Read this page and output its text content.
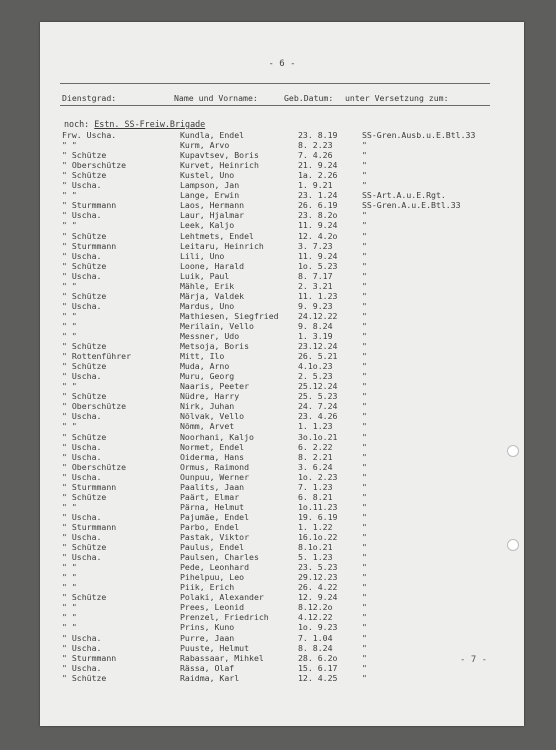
- 6 -
Dienstgrad:	Name und Vorname:	Geb.Datum: unter Versetzung zum:
noch: Estn. SS-Freiw.Brigade
Frw. Uscha.	Kundla, Endel	23. 8.19	SS-Gren.Ausb.u.E.Btl.33
" "	Kurm, Arvo	8. 2.23	"
" Schütze	Kupavtsev, Boris	7. 4.26	"
" Oberschütze	Kurvet, Heinrich	21. 9.24	"
" Schütze	Kustel, Uno	1a. 2.26	"
" Uscha.	Lampson, Jan	1. 9.21	"
" "	Lange, Erwin	23. 1.24	SS-Art.A.u.E.Rgt.
" Sturmmann	Laos, Hermann	26. 6.19	SS-Gren.A.u.E.Btl.33
" Uscha.	Laur, Hjalmar	23. 8.2o	"
" "	Leek, Kaljo	11. 9.24	"
" Schütze	Lehtmets, Endel	12. 4.2o	"
" Sturmmann	Leitaru, Heinrich	3. 7.23	"
" Uscha.	Lili, Uno	11. 9.24	"
" Schütze	Loone, Harald	1o. 5.23	"
" Uscha.	Luik, Paul	8. 7.17	"
" "	Mähle, Erik	2. 3.21	"
" Schütze	Märja, Valdek	11. 1.23	"
" Uscha.	Mardus, Uno	9. 9.23	"
" "	Mathiesen, Siegfried 24.12.22	"
" "	Merilain, Vello	9. 8.24	"
" "	Messner, Udo	1. 3.19	"
" Schütze	Metsoja, Boris	23.12.24	"
" Rottenführer	Mitt, Ilo	26. 5.21	"
" Schütze	Muda, Arno	4.1o.23	"
" Uscha.	Muru, Georg	2. 5.23	"
" "	Naaris, Peeter	25.12.24	"
" Schütze	Nüdre, Harry	25. 5.23	"
" Oberschütze	Nirk, Juhan	24. 7.24	"
" Uscha.	Nõlvak, Vello	23. 4.26	"
" "	Nõmm, Arvet	1. 1.23	"
" Schütze	Noorhani, Kaljo	3o.1o.21	"
" Uscha.	Normet, Endel	6. 2.22	"
" Uscha.	Oiderma, Hans	8. 2.21	"
" Oberschütze	Ormus, Raimond	3. 6.24	"
" Uscha.	Ounpuu, Werner	1o. 2.23	"
" Sturmmann	Paalits, Jaan	7. 1.23	"
" Schütze	Paärt, Elmar	6. 8.21	"
" "	Pärna, Helmut	1o.11.23	"
" Uscha.	Pajumäe, Endel	19. 6.19	"
" Sturmmann	Parbo, Endel	1. 1.22	"
" Uscha.	Pastak, Viktor	16.1o.22	"
" Schütze	Paulus, Endel	8.1o.21	"
" Uscha.	Paulsen, Charles	5. 1.23	"
" "	Pede, Leonhard	23. 5.23	"
" "	Pihelpuu, Leo	29.12.23	"
" "	Piik, Erich	26. 4.22	"
" Schütze	Polaki, Alexander	12. 9.24	"
" "	Prees, Leonid	8.12.2o	"
" "	Prenzel, Friedrich	4.12.22	"
" "	Prins, Kuno	1o. 9.23	"
" Uscha.	Purre, Jaan	7. 1.04	"
" Uscha.	Puuste, Helmut	8. 8.24	"
" Sturmmann	Rabassaar, Mihkel	28. 6.2o	"
" Uscha.	Rässa, Olaf	15. 6.17	"
" Schütze	Raidma, Karl	12. 4.25	"
- 7 -
